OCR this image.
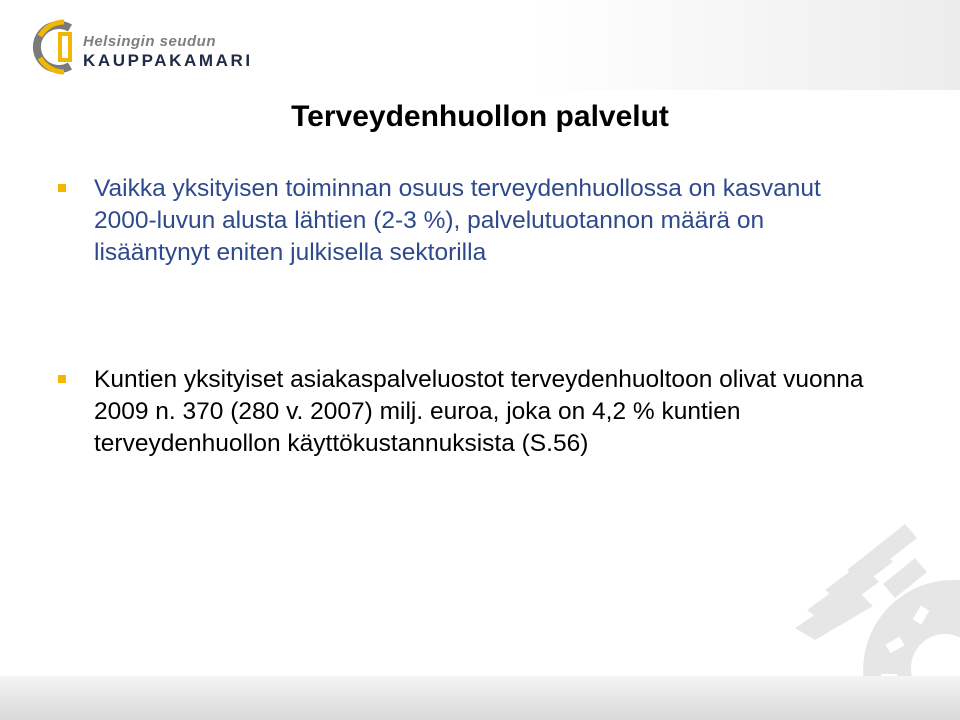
Helsingin seudun
KAUPPAKAMARI
Terveydenhuollon palvelut
Vaikka yksityisen toiminnan osuus terveydenhuollossa on kasvanut 2000-luvun alusta lähtien (2-3 %), palvelutuotannon määrä on lisääntynyt eniten julkisella sektorilla
Kuntien yksityiset asiakaspalveluostot terveydenhuoltoon olivat vuonna 2009 n. 370 (280 v. 2007) milj. euroa, joka on 4,2 % kuntien terveydenhuollon käyttökustannuksista (S.56)
